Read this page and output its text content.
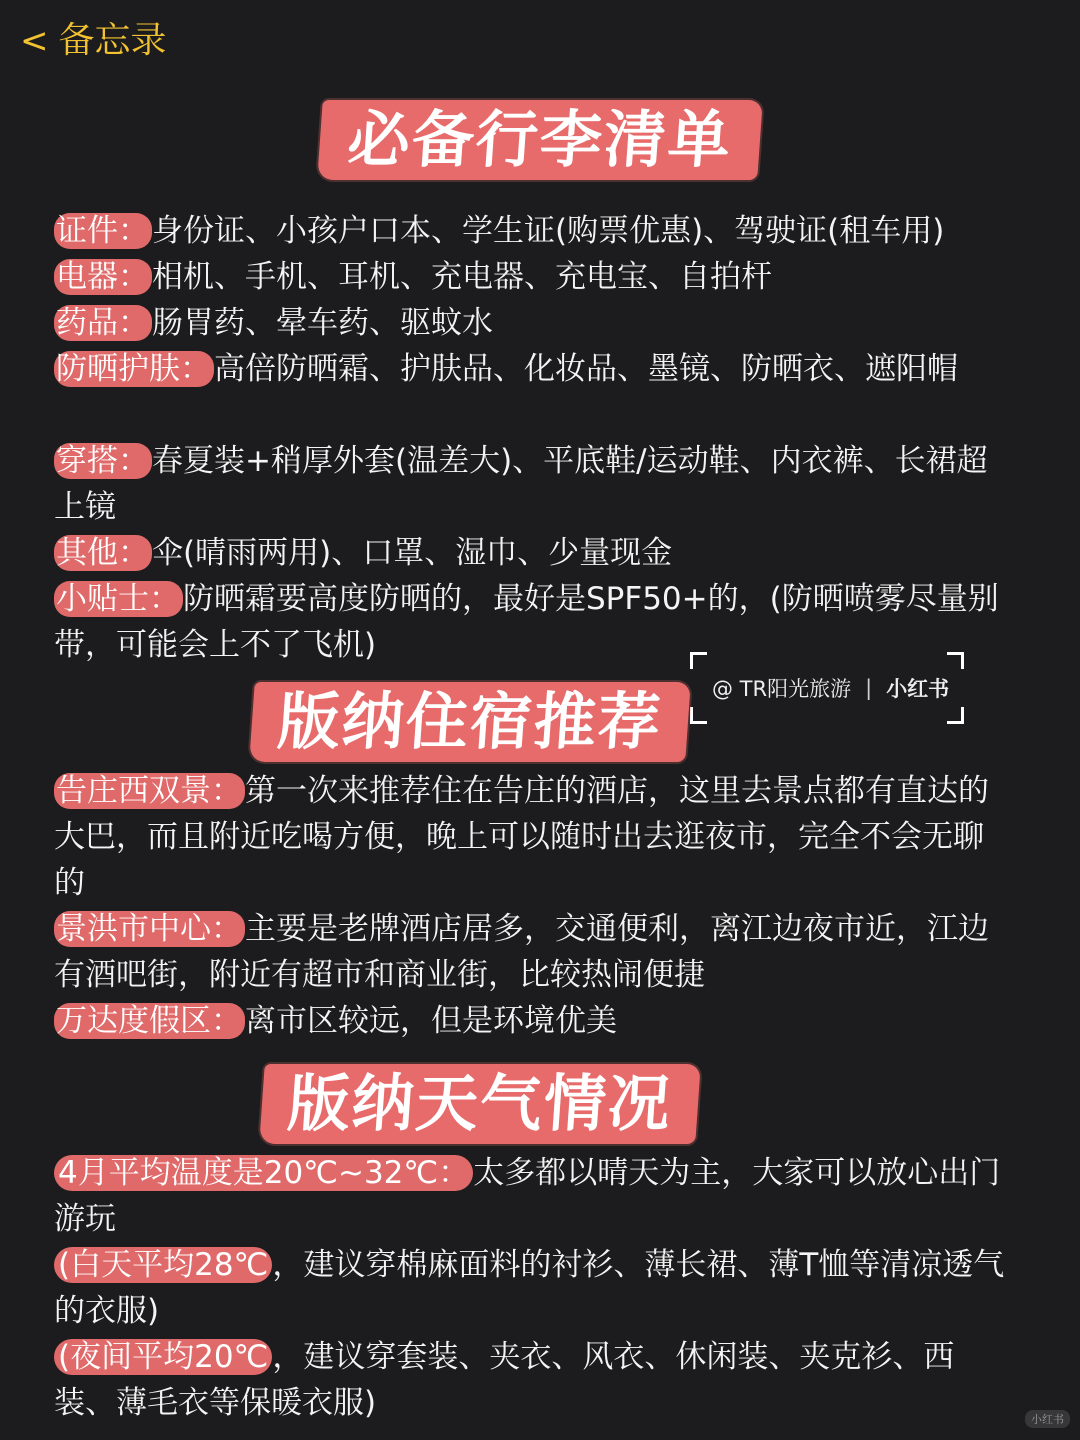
< 备忘录
必备行李清单
证件：身份证、小孩户口本、学生证(购票优惠)、驾驶证(租车用)
电器：相机、手机、耳机、充电器、充电宝、自拍杆
药品：肠胃药、晕车药、驱蚊水
防晒护肤：高倍防晒霜、护肤品、化妆品、墨镜、防晒衣、遮阳帽
穿搭：春夏装+稍厚外套(温差大)、平底鞋/运动鞋、内衣裤、长裙超上镜
其他：伞(晴雨两用)、口罩、湿巾、少量现金
小贴士：防晒霜要高度防晒的，最好是SPF50+的，(防晒喷雾尽量别带，可能会上不了飞机)
@ TR阳光旅游 | 小红书
版纳住宿推荐
告庄西双景：第一次来推荐住在告庄的酒店，这里去景点都有直达的大巴，而且附近吃喝方便，晚上可以随时出去逛夜市，完全不会无聊的
景洪市中心：主要是老牌酒店居多，交通便利，离江边夜市近，江边有酒吧街，附近有超市和商业街，比较热闹便捷
万达度假区：离市区较远，但是环境优美
版纳天气情况
4月平均温度是20℃~32℃： 太多都以晴天为主，大家可以放心出门游玩
(白天平均28℃ ，建议穿棉麻面料的衬衫、薄长裙、薄T恤等清凉透气的衣服)
(夜间平均20℃ ，建议穿套装、夹衣、风衣、休闲装、夹克衫、西装、薄毛衣等保暖衣服)	小红书
